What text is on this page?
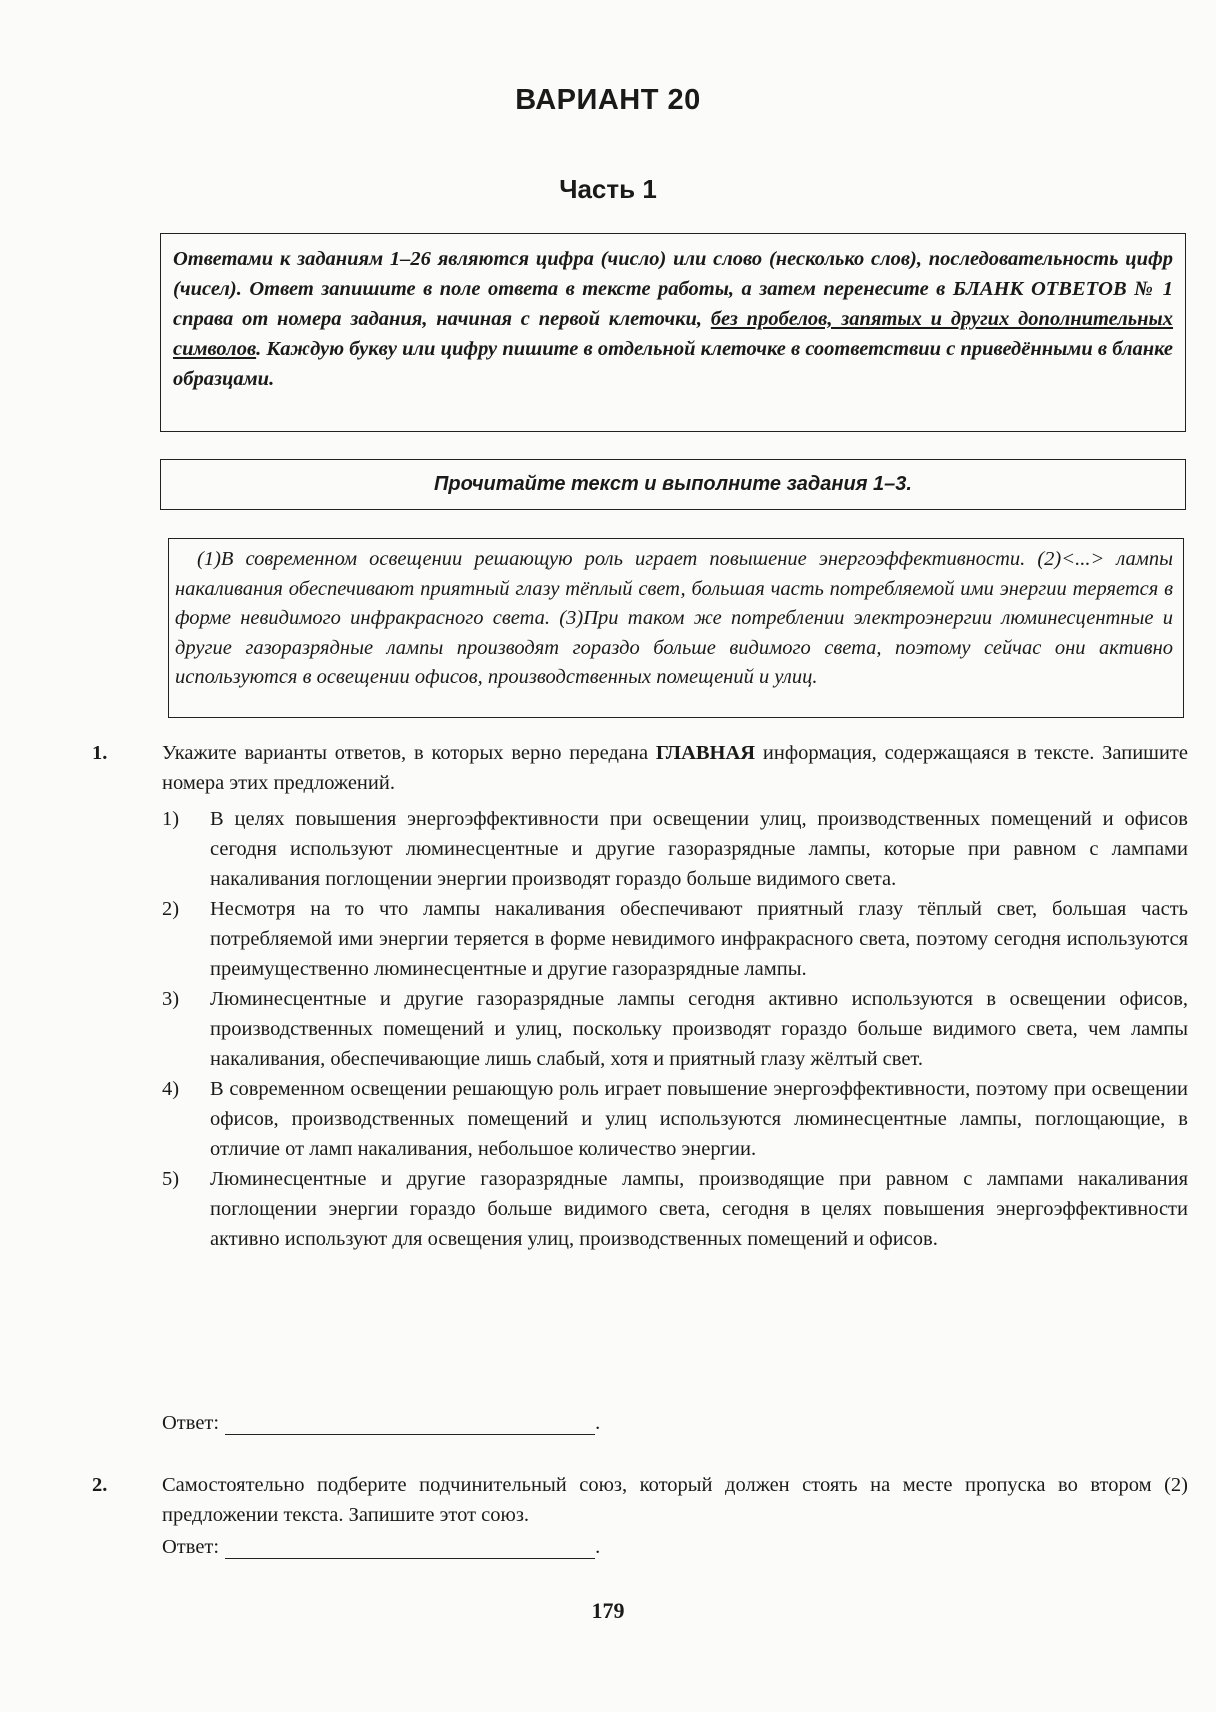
ВАРИАНТ 20
Часть 1
Ответами к заданиям 1–26 являются цифра (число) или слово (несколько слов), последовательность цифр (чисел). Ответ запишите в поле ответа в тексте работы, а затем перенесите в БЛАНК ОТВЕТОВ № 1 справа от номера задания, начиная с первой клеточки, без пробелов, запятых и других дополнительных символов. Каждую букву или цифру пишите в отдельной клеточке в соответствии с приведёнными в бланке образцами.
Прочитайте текст и выполните задания 1–3.
(1)В современном освещении решающую роль играет повышение энергоэффективности. (2)<...> лампы накаливания обеспечивают приятный глазу тёплый свет, большая часть потребляемой ими энергии теряется в форме невидимого инфракрасного света. (3)При таком же потреблении электроэнергии люминесцентные и другие газоразрядные лампы производят гораздо больше видимого света, поэтому сейчас они активно используются в освещении офисов, производственных помещений и улиц.
1.	Укажите варианты ответов, в которых верно передана ГЛАВНАЯ информация, содержащаяся в тексте. Запишите номера этих предложений.
1)	В целях повышения энергоэффективности при освещении улиц, производственных помещений и офисов сегодня используют люминесцентные и другие газоразрядные лампы, которые при равном с лампами накаливания поглощении энергии производят гораздо больше видимого света.
2)	Несмотря на то что лампы накаливания обеспечивают приятный глазу тёплый свет, большая часть потребляемой ими энергии теряется в форме невидимого инфракрасного света, поэтому сегодня используются преимущественно люминесцентные и другие газоразрядные лампы.
3)	Люминесцентные и другие газоразрядные лампы сегодня активно используются в освещении офисов, производственных помещений и улиц, поскольку производят гораздо больше видимого света, чем лампы накаливания, обеспечивающие лишь слабый, хотя и приятный глазу жёлтый свет.
4)	В современном освещении решающую роль играет повышение энергоэффективности, поэтому при освещении офисов, производственных помещений и улиц используются люминесцентные лампы, поглощающие, в отличие от ламп накаливания, небольшое количество энергии.
5)	Люминесцентные и другие газоразрядные лампы, производящие при равном с лампами накаливания поглощении энергии гораздо больше видимого света, сегодня в целях повышения энергоэффективности активно используют для освещения улиц, производственных помещений и офисов.
Ответ:	.
2.	Самостоятельно подберите подчинительный союз, который должен стоять на месте пропуска во втором (2) предложении текста. Запишите этот союз.
Ответ:	.
179
